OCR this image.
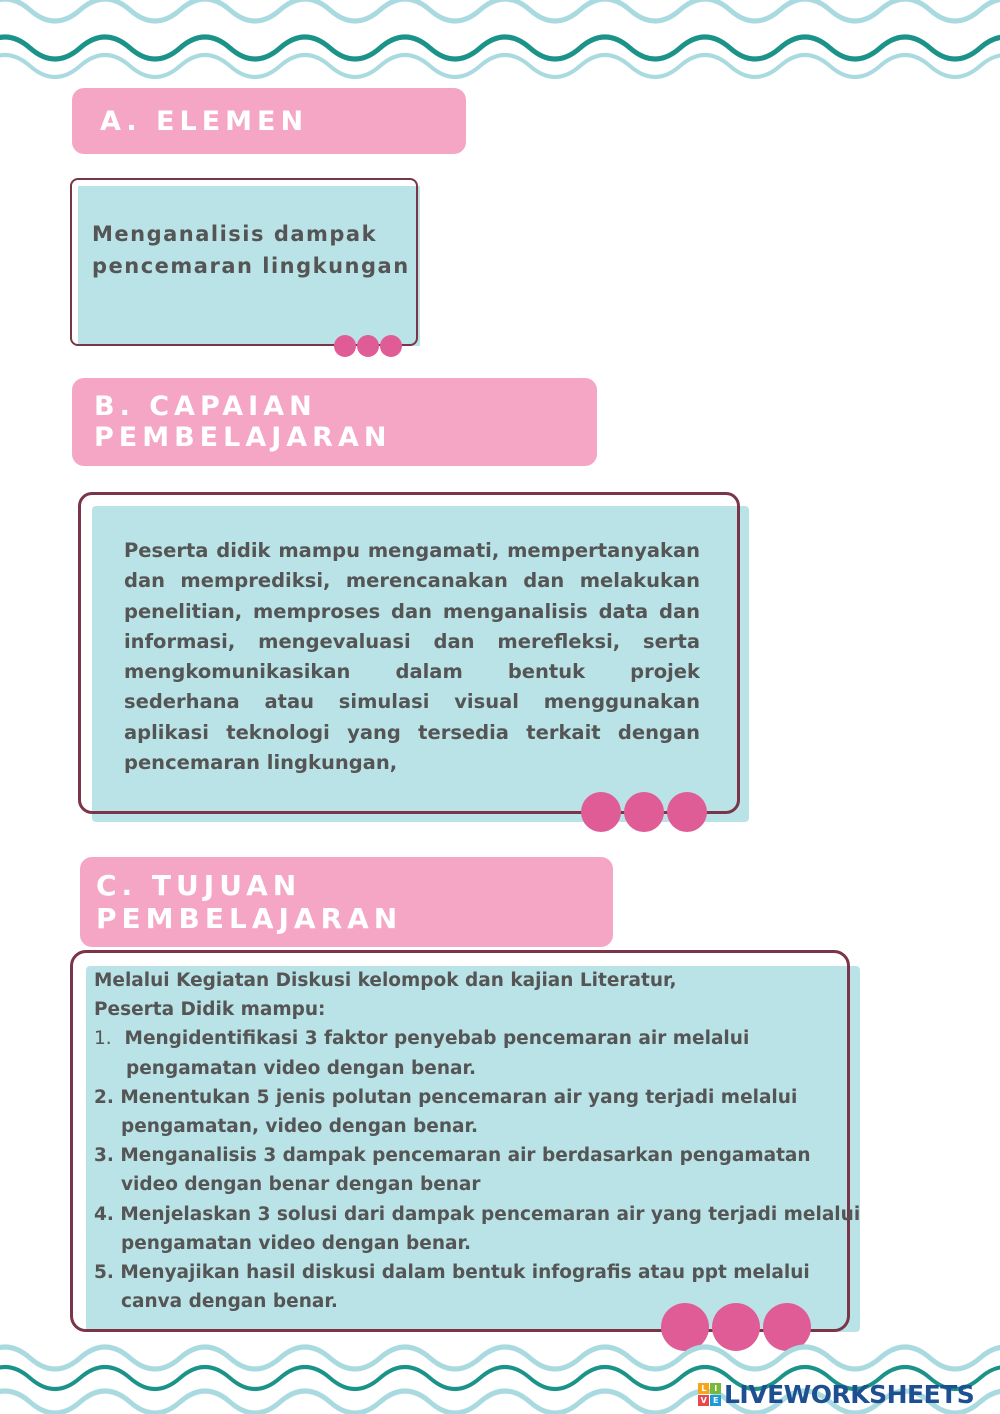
A. ELEMEN
Menganalisis dampak
pencemaran lingkungan
B. CAPAIAN PEMBELAJARAN
Peserta didik mampu mengamati, mempertanyakan dan memprediksi, merencanakan dan melakukan penelitian, memproses dan menganalisis data dan informasi, mengevaluasi dan merefleksi, serta mengkomunikasikan dalam bentuk projek sederhana atau simulasi visual menggunakan aplikasi teknologi yang tersedia terkait dengan pencemaran lingkungan,
C. TUJUAN PEMBELAJARAN
Melalui Kegiatan Diskusi kelompok dan kajian Literatur,
Peserta Didik mampu:
1. Mengidentifikasi 3 faktor penyebab pencemaran air melalui
pengamatan video dengan benar.
2. Menentukan 5 jenis polutan pencemaran air yang terjadi melalui
pengamatan, video dengan benar.
3. Menganalisis 3 dampak pencemaran air berdasarkan pengamatan
video dengan benar dengan benar
4. Menjelaskan 3 solusi dari dampak pencemaran air yang terjadi melalui
pengamatan video dengan benar.
5. Menyajikan hasil diskusi dalam bentuk infografis atau ppt melalui
canva dengan benar.
L	I
V E LIVEWORKSHEETS
